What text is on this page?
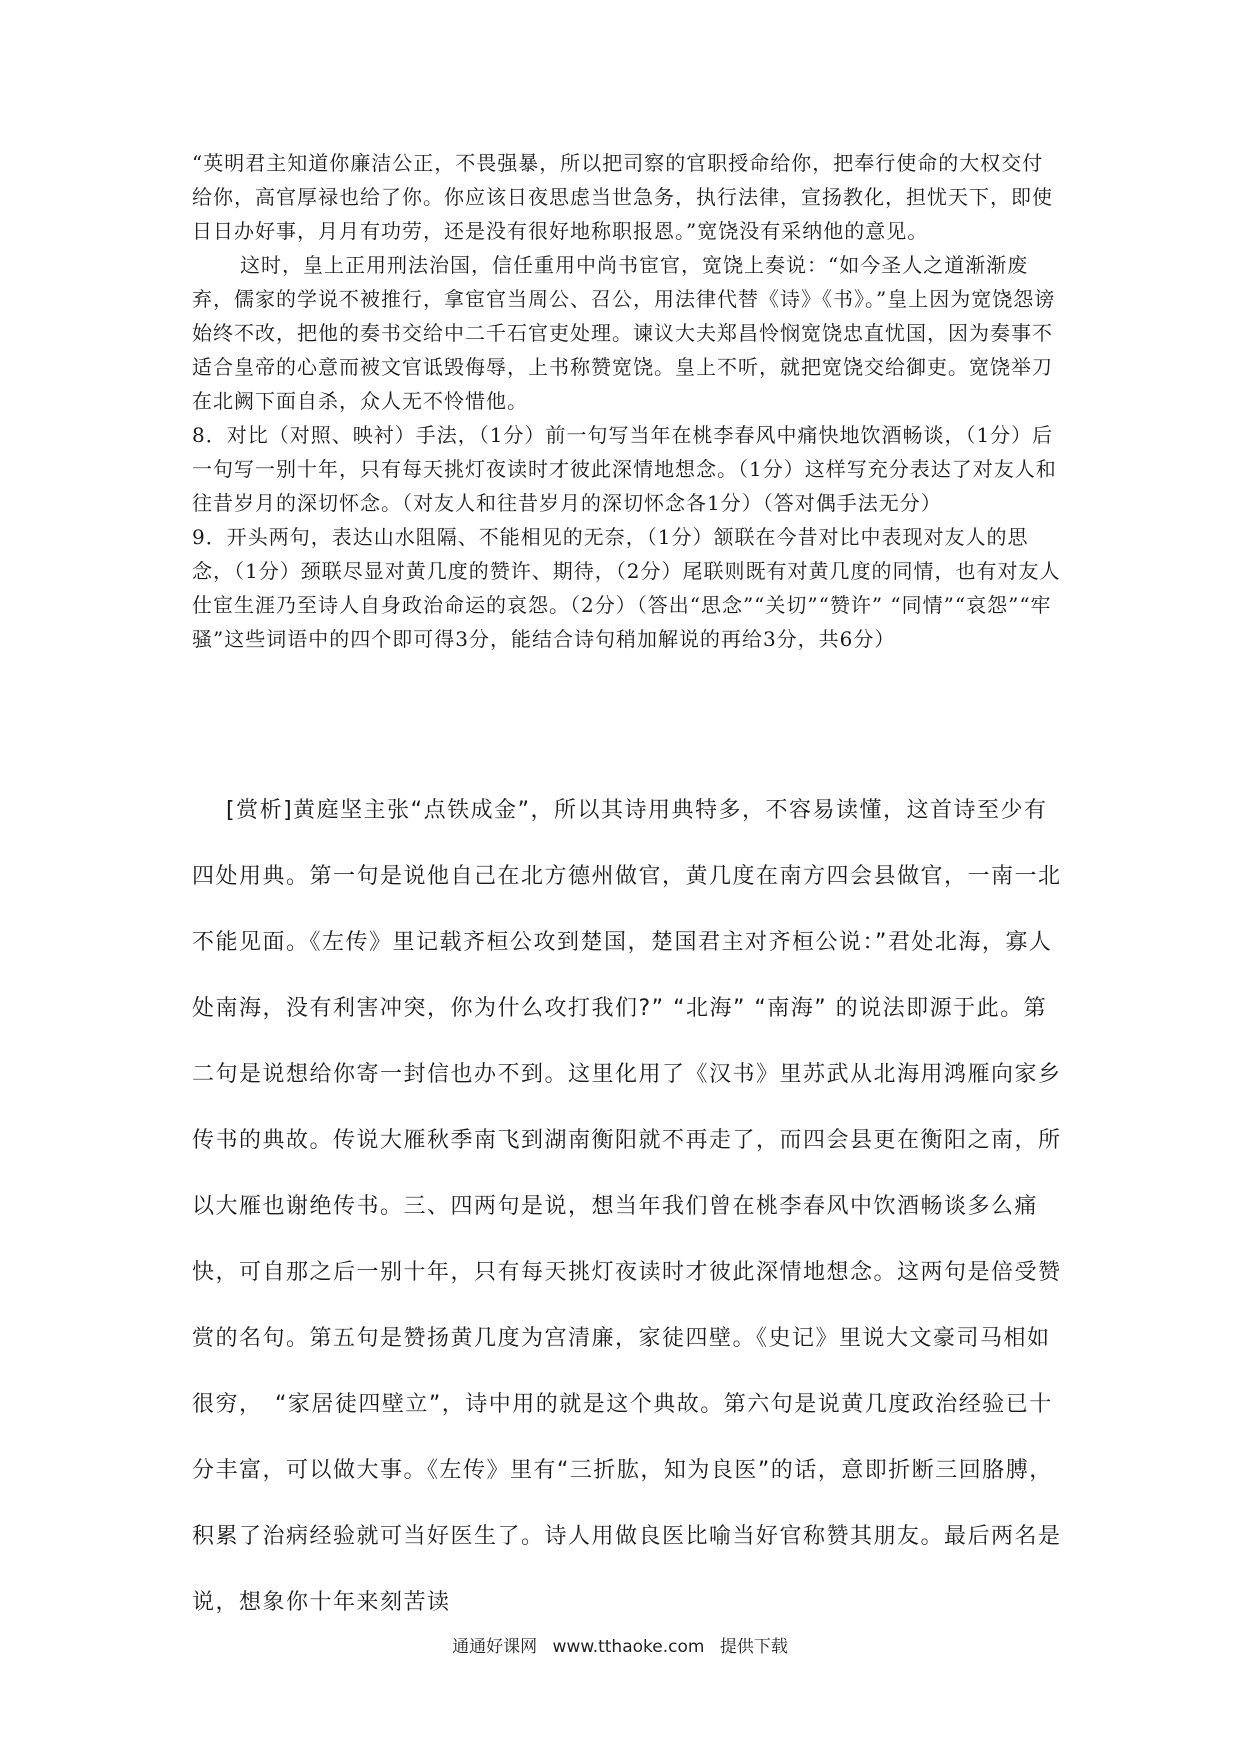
“英明君主知道你廉洁公正，不畏强暴，所以把司察的官职授命给你，把奉行使命的大权交付给你，高官厚禄也给了你。你应该日夜思虑当世急务，执行法律，宣扬教化，担忧天下，即使日日办好事，月月有功劳，还是没有很好地称职报恩。”宽饶没有采纳他的意见。

这时，皇上正用刑法治国，信任重用中尚书宦官，宽饶上奏说：“如今圣人之道渐渐废弃，儒家的学说不被推行，拿宦官当周公、召公，用法律代替《诗》《书》。”皇上因为宽饶怨谤始终不改，把他的奏书交给中二千石官吏处理。谏议大夫郑昌怜悯宽饶忠直忧国，因为奏事不适合皇帝的心意而被文官诋毁侮辱，上书称赞宽饶。皇上不听，就把宽饶交给御吏。宽饶举刀在北阙下面自杀，众人无不怜惜他。

8．对比（对照、映衬）手法，（1分）前一句写当年在桃李春风中痛快地饮酒畅谈，（1分）后一句写一别十年，只有每天挑灯夜读时才彼此深情地想念。（1分）这样写充分表达了对友人和往昔岁月的深切怀念。（对友人和往昔岁月的深切怀念各1分）（答对偶手法无分）

9．开头两句，表达山水阻隔、不能相见的无奈，（1分）颔联在今昔对比中表现对友人的思念，（1分）颈联尽显对黄几度的赞许、期待，（2分）尾联则既有对黄几度的同情，也有对友人仕宦生涯乃至诗人自身政治命运的哀怨。（2分）（答出“思念”“关切”“赞许” “同情”“哀怨”“牢骚”这些词语中的四个即可得3分，能结合诗句稍加解说的再给3分，共6分）

[赏析]黄庭坚主张“点铁成金”，所以其诗用典特多，不容易读懂，这首诗至少有四处用典。第一句是说他自己在北方德州做官，黄几度在南方四会县做官，一南一北不能见面。《左传》里记载齐桓公攻到楚国，楚国君主对齐桓公说：”君处北海，寡人处南海，没有利害冲突，你为什么攻打我们?” “北海” “南海” 的说法即源于此。第二句是说想给你寄一封信也办不到。这里化用了《汉书》里苏武从北海用鸿雁向家乡传书的典故。传说大雁秋季南飞到湖南衡阳就不再走了，而四会县更在衡阳之南，所以大雁也谢绝传书。三、四两句是说，想当年我们曾在桃李春风中饮酒畅谈多么痛快，可自那之后一别十年，只有每天挑灯夜读时才彼此深情地想念。这两句是倍受赞赏的名句。第五句是赞扬黄几度为宫清廉，家徒四壁。《史记》里说大文豪司马相如很穷，　“家居徒四壁立”，诗中用的就是这个典故。第六句是说黄几度政治经验已十分丰富，可以做大事。《左传》里有“三折肱，知为良医”的话，意即折断三回胳膊，积累了治病经验就可当好医生了。诗人用做良医比喻当好官称赞其朋友。最后两名是说，想象你十年来刻苦读

通通好课网 www.tthaoke.com 提供下载
